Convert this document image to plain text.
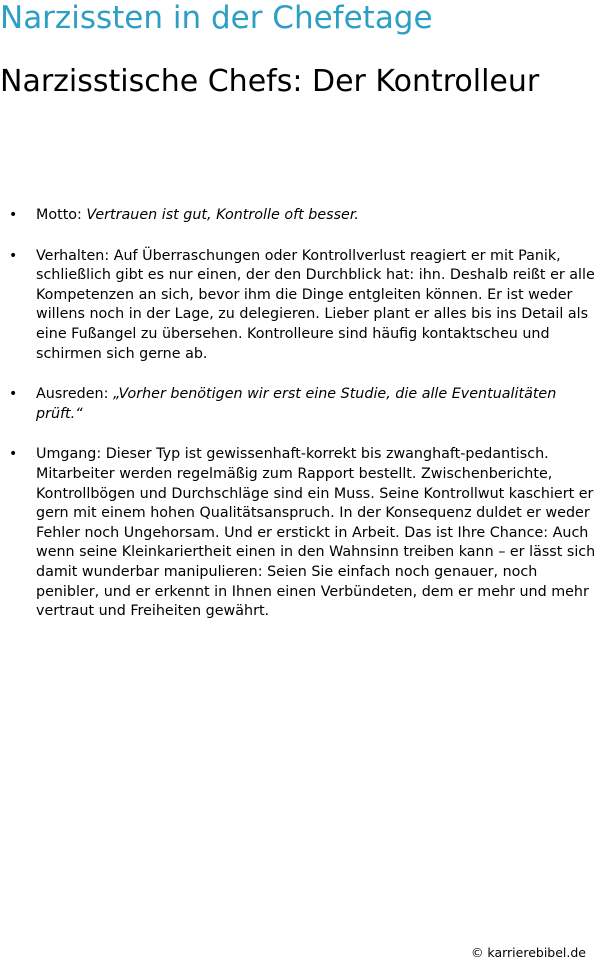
Narzissten in der Chefetage
Narzisstische Chefs: Der Kontrolleur
• Motto: Vertrauen ist gut, Kontrolle oft besser.
• Verhalten: Auf Überraschungen oder Kontrollverlust reagiert er mit Panik, schließlich gibt es nur einen, der den Durchblick hat: ihn. Deshalb reißt er alle Kompetenzen an sich, bevor ihm die Dinge entgleiten können. Er ist weder willens noch in der Lage, zu delegieren. Lieber plant er alles bis ins Detail als eine Fußangel zu übersehen. Kontrolleure sind häufig kontaktscheu und schirmen sich gerne ab.
• Ausreden: „Vorher benötigen wir erst eine Studie, die alle Eventualitäten prüft.“
• Umgang: Dieser Typ ist gewissenhaft-korrekt bis zwanghaft-pedantisch. Mitarbeiter werden regelmäßig zum Rapport bestellt. Zwischenberichte, Kontrollbögen und Durchschläge sind ein Muss. Seine Kontrollwut kaschiert er gern mit einem hohen Qualitätsanspruch. In der Konsequenz duldet er weder Fehler noch Ungehorsam. Und er erstickt in Arbeit. Das ist Ihre Chance: Auch wenn seine Kleinkariertheit einen in den Wahnsinn treiben kann – er lässt sich damit wunderbar manipulieren: Seien Sie einfach noch genauer, noch penibler, und er erkennt in Ihnen einen Verbündeten, dem er mehr und mehr vertraut und Freiheiten gewährt.
© karrierebibel.de
